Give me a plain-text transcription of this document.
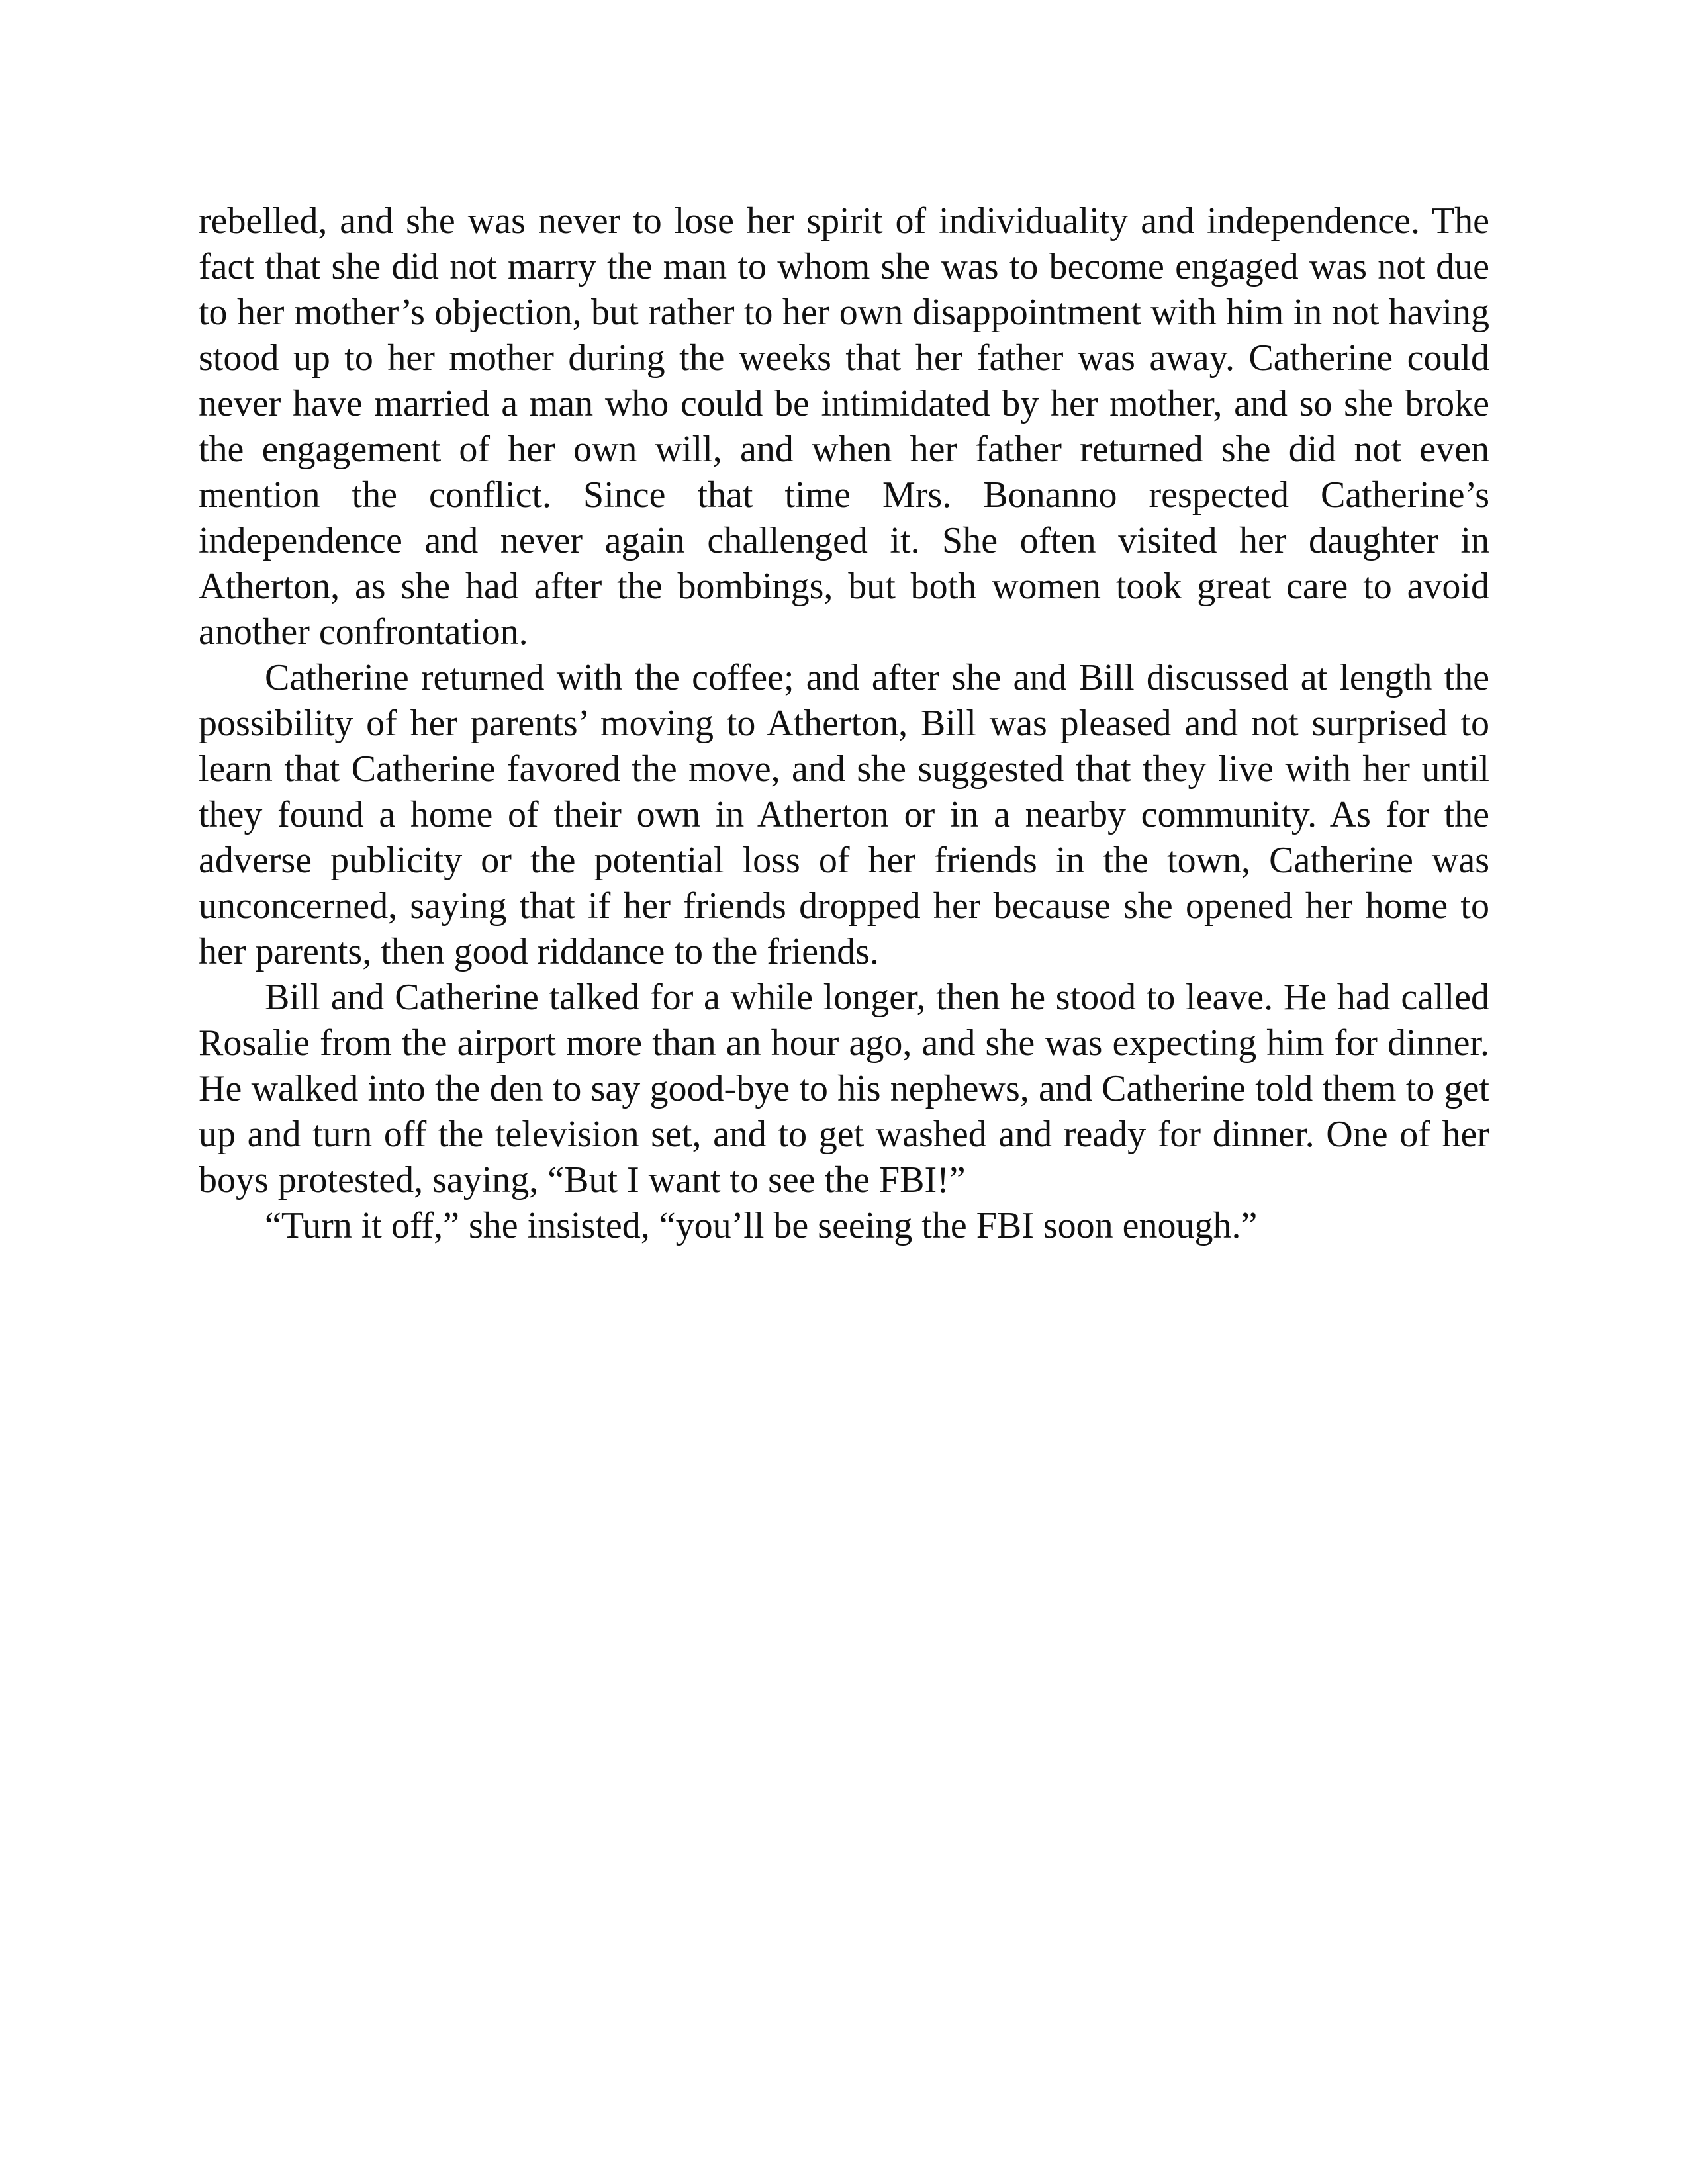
rebelled, and she was never to lose her spirit of individuality and independence. The fact that she did not marry the man to whom she was to become engaged was not due to her mother’s objection, but rather to her own disappointment with him in not having stood up to her mother during the weeks that her father was away. Catherine could never have married a man who could be intimidated by her mother, and so she broke the engagement of her own will, and when her father returned she did not even mention the conflict. Since that time Mrs. Bonanno respected Catherine’s independence and never again challenged it. She often visited her daughter in Atherton, as she had after the bombings, but both women took great care to avoid another confrontation.

Catherine returned with the coffee; and after she and Bill discussed at length the possibility of her parents’ moving to Atherton, Bill was pleased and not surprised to learn that Catherine favored the move, and she suggested that they live with her until they found a home of their own in Atherton or in a nearby community. As for the adverse publicity or the potential loss of her friends in the town, Catherine was unconcerned, saying that if her friends dropped her because she opened her home to her parents, then good riddance to the friends.

Bill and Catherine talked for a while longer, then he stood to leave. He had called Rosalie from the airport more than an hour ago, and she was expecting him for dinner. He walked into the den to say good-bye to his nephews, and Catherine told them to get up and turn off the television set, and to get washed and ready for dinner. One of her boys protested, saying, “But I want to see the FBI!”

“Turn it off,” she insisted, “you’ll be seeing the FBI soon enough.”
